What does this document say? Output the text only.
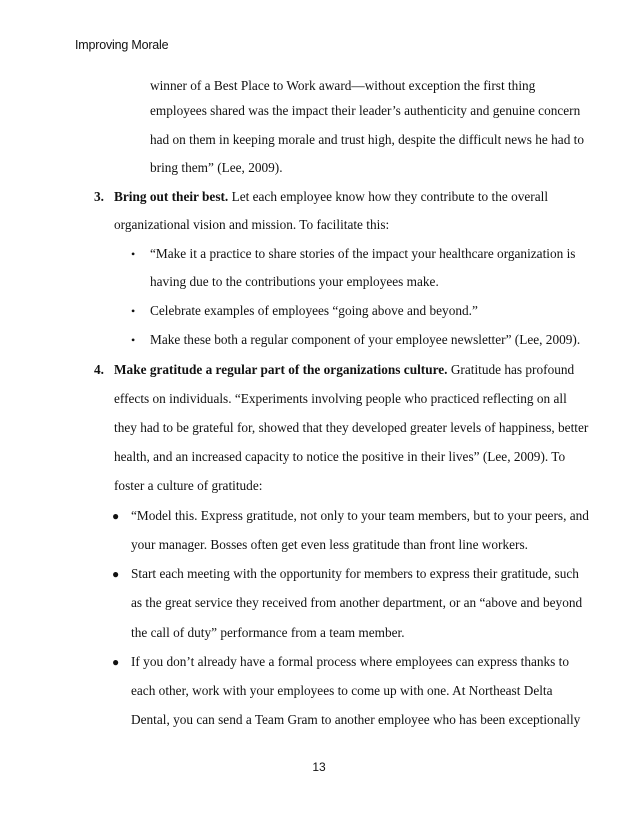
Improving Morale
winner of a Best Place to Work award—without exception the first thing
employees shared was the impact their leader’s authenticity and genuine concern
had on them in keeping morale and trust high, despite the difficult news he had to
bring them” (Lee, 2009).
3. Bring out their best. Let each employee know how they contribute to the overall
organizational vision and mission. To facilitate this:
• “Make it a practice to share stories of the impact your healthcare organization is
having due to the contributions your employees make.
• Celebrate examples of employees “going above and beyond.”
• Make these both a regular component of your employee newsletter” (Lee, 2009).
4. Make gratitude a regular part of the organizations culture. Gratitude has profound
effects on individuals. “Experiments involving people who practiced reflecting on all
they had to be grateful for, showed that they developed greater levels of happiness, better
health, and an increased capacity to notice the positive in their lives” (Lee, 2009). To
foster a culture of gratitude:
● “Model this. Express gratitude, not only to your team members, but to your peers, and
your manager. Bosses often get even less gratitude than front line workers.
● Start each meeting with the opportunity for members to express their gratitude, such
as the great service they received from another department, or an “above and beyond
the call of duty” performance from a team member.
● If you don’t already have a formal process where employees can express thanks to
each other, work with your employees to come up with one. At Northeast Delta
Dental, you can send a Team Gram to another employee who has been exceptionally
13
